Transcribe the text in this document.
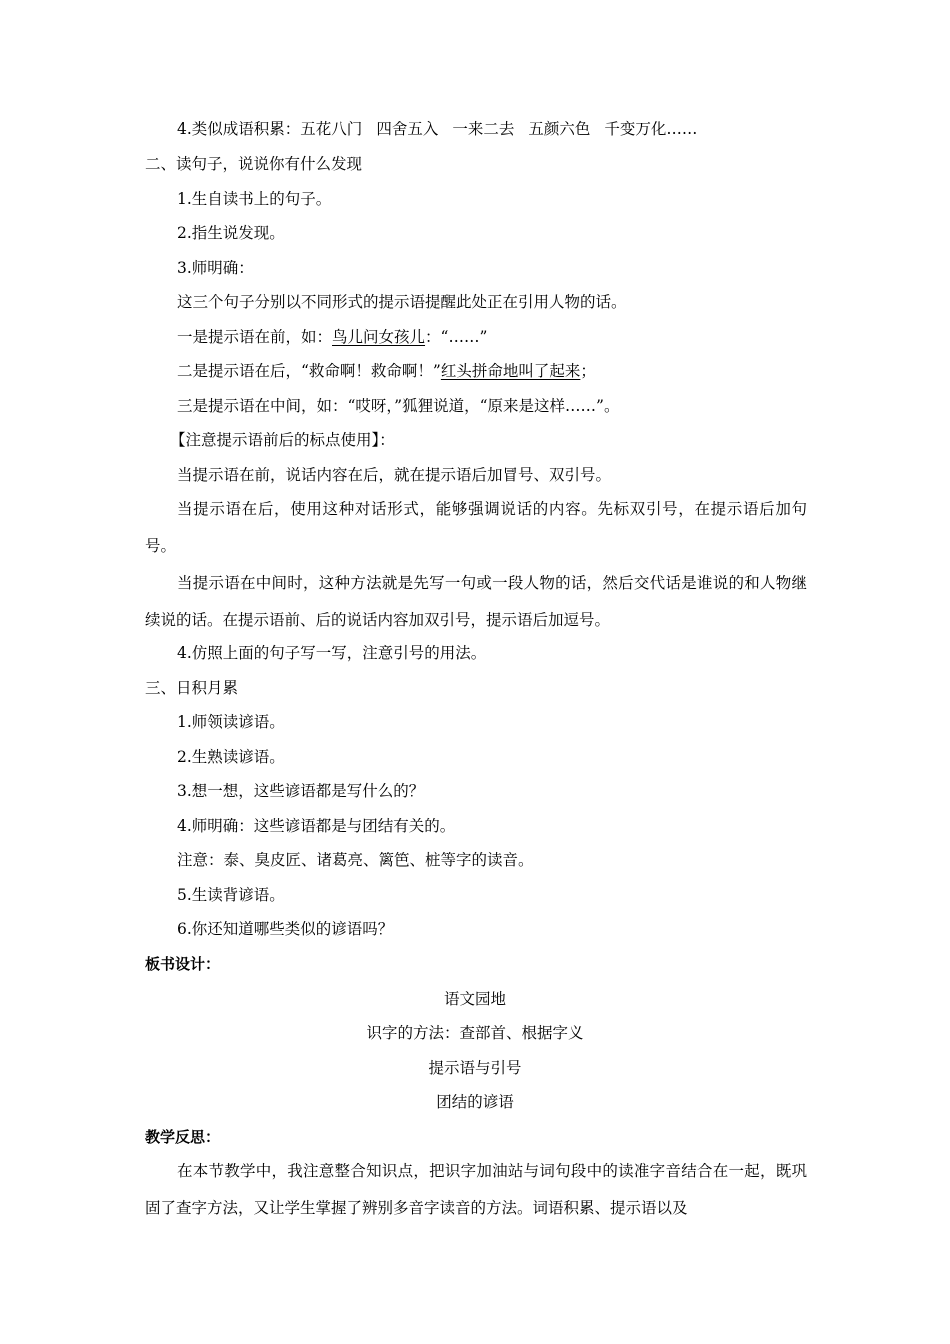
4.类似成语积累：五花八门 四舍五入 一来二去 五颜六色 千变万化……
二、读句子，说说你有什么发现
1.生自读书上的句子。
2.指生说发现。
3.师明确：
这三个句子分别以不同形式的提示语提醒此处正在引用人物的话。
一是提示语在前，如：鸟儿问女孩儿：“……”
二是提示语在后，“救命啊！救命啊！”红头拼命地叫了起来；
三是提示语在中间，如：“哎呀，”狐狸说道，“原来是这样……”。
【注意提示语前后的标点使用】：
当提示语在前，说话内容在后，就在提示语后加冒号、双引号。
当提示语在后，使用这种对话形式，能够强调说话的内容。先标双引号，在提示语后加句号。
当提示语在中间时，这种方法就是先写一句或一段人物的话，然后交代话是谁说的和人物继续说的话。在提示语前、后的说话内容加双引号，提示语后加逗号。
4.仿照上面的句子写一写，注意引号的用法。
三、日积月累
1.师领读谚语。
2.生熟读谚语。
3.想一想，这些谚语都是写什么的？
4.师明确：这些谚语都是与团结有关的。
注意：泰、臭皮匠、诸葛亮、篱笆、桩等字的读音。
5.生读背谚语。
6.你还知道哪些类似的谚语吗？
板书设计：
语文园地
识字的方法：查部首、根据字义
提示语与引号
团结的谚语
教学反思：
在本节教学中，我注意整合知识点，把识字加油站与词句段中的读准字音结合在一起，既巩固了查字方法，又让学生掌握了辨别多音字读音的方法。词语积累、提示语以及
